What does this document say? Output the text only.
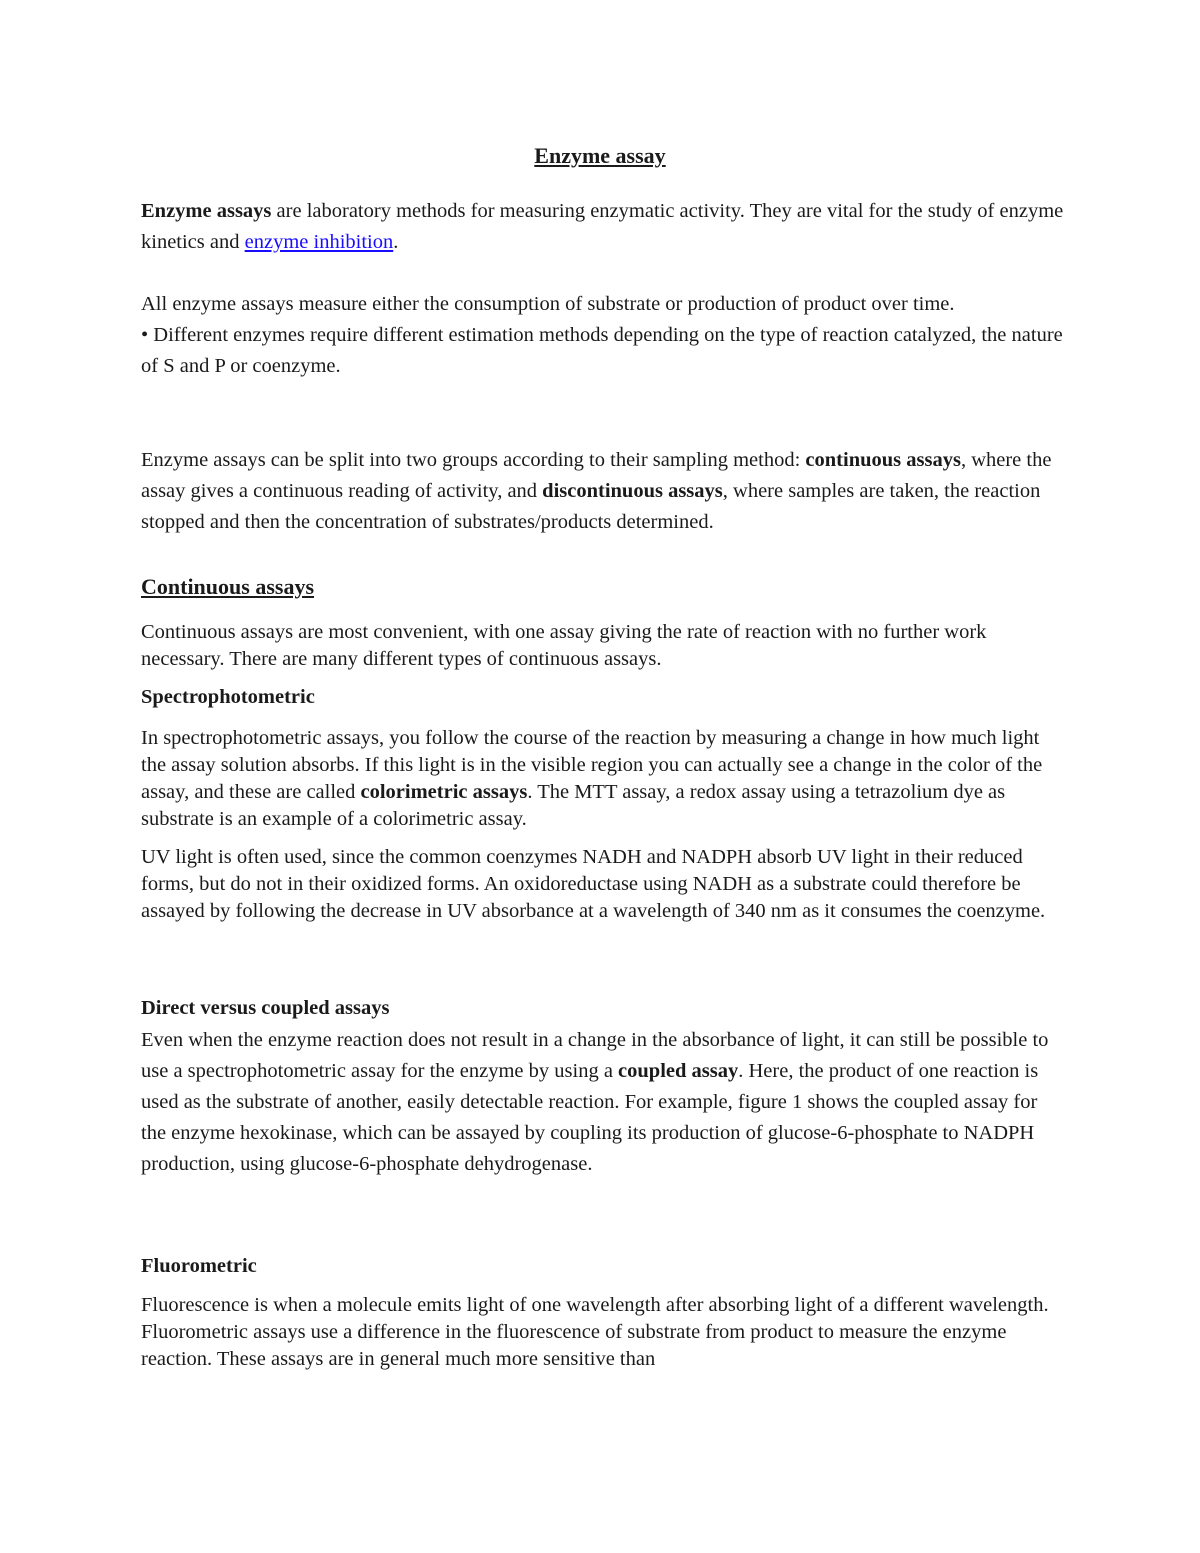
Enzyme assay

Enzyme assays are laboratory methods for measuring enzymatic activity. They are vital for the study of enzyme kinetics and enzyme inhibition.

All enzyme assays measure either the consumption of substrate or production of product over time.
• Different enzymes require different estimation methods depending on the type of reaction catalyzed, the nature of S and P or coenzyme.

Enzyme assays can be split into two groups according to their sampling method: continuous assays, where the assay gives a continuous reading of activity, and discontinuous assays, where samples are taken, the reaction stopped and then the concentration of substrates/products determined.

Continuous assays

Continuous assays are most convenient, with one assay giving the rate of reaction with no further work necessary. There are many different types of continuous assays.

Spectrophotometric

In spectrophotometric assays, you follow the course of the reaction by measuring a change in how much light the assay solution absorbs. If this light is in the visible region you can actually see a change in the color of the assay, and these are called colorimetric assays. The MTT assay, a redox assay using a tetrazolium dye as substrate is an example of a colorimetric assay.

UV light is often used, since the common coenzymes NADH and NADPH absorb UV light in their reduced forms, but do not in their oxidized forms. An oxidoreductase using NADH as a substrate could therefore be assayed by following the decrease in UV absorbance at a wavelength of 340 nm as it consumes the coenzyme.

Direct versus coupled assays

Even when the enzyme reaction does not result in a change in the absorbance of light, it can still be possible to use a spectrophotometric assay for the enzyme by using a coupled assay. Here, the product of one reaction is used as the substrate of another, easily detectable reaction. For example, figure 1 shows the coupled assay for the enzyme hexokinase, which can be assayed by coupling its production of glucose-6-phosphate to NADPH production, using glucose-6-phosphate dehydrogenase.

Fluorometric

Fluorescence is when a molecule emits light of one wavelength after absorbing light of a different wavelength. Fluorometric assays use a difference in the fluorescence of substrate from product to measure the enzyme reaction. These assays are in general much more sensitive than
